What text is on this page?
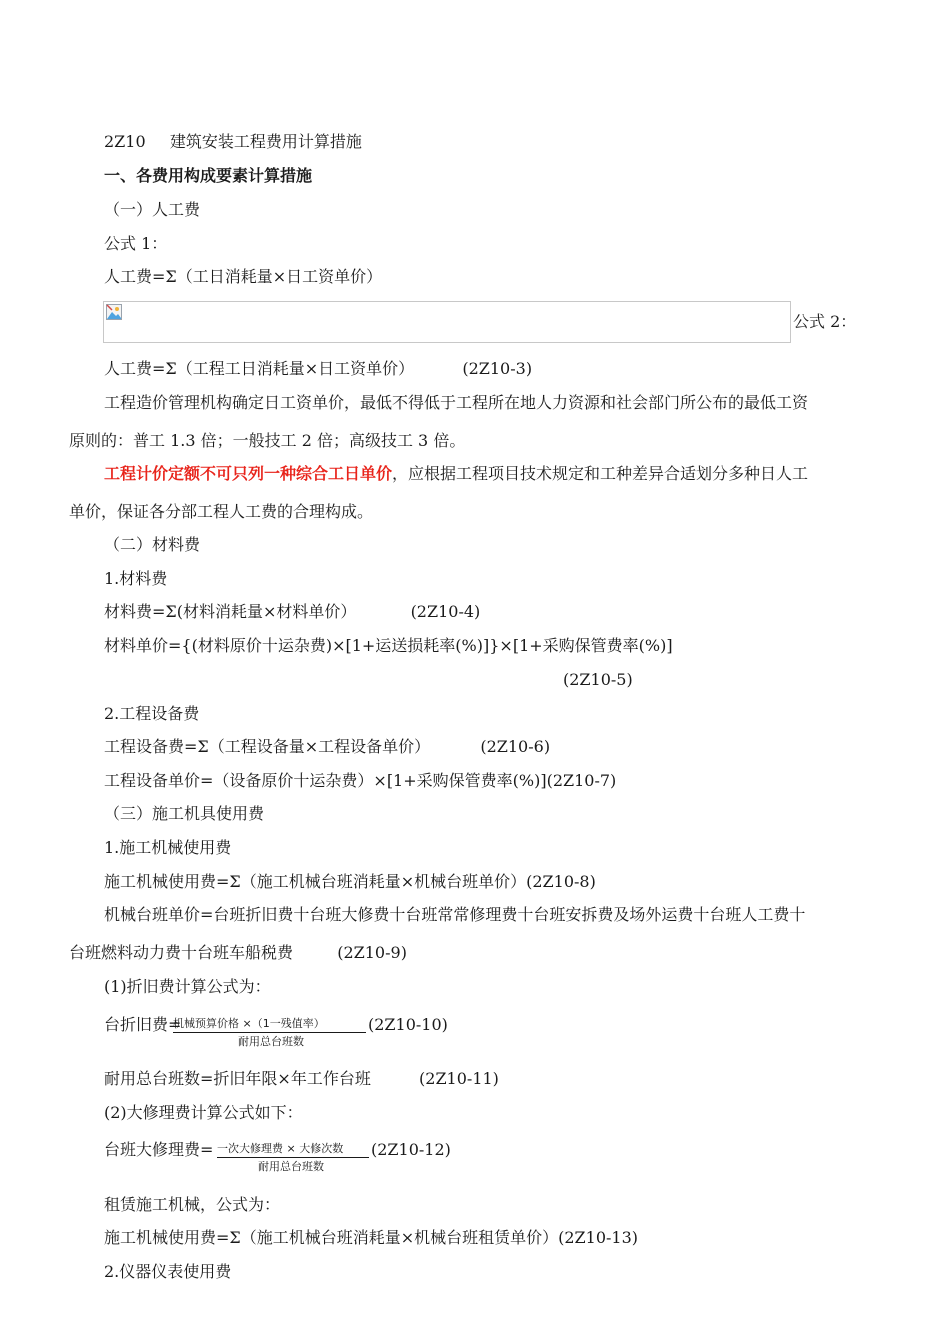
2Z10 建筑安装工程费用计算措施
一、各费用构成要素计算措施
（一）人工费
公式 1：
人工费=Σ（工日消耗量×日工资单价）
公式 2：
人工费=Σ（工程工日消耗量×日工资单价）	(2Z10-3)
工程造价管理机构确定日工资单价，最低不得低于工程所在地人力资源和社会部门所公布的最低工资
原则的：普工 1.3 倍；一般技工 2 倍；高级技工 3 倍。
工程计价定额不可只列一种综合工日单价，应根据工程项目技术规定和工种差异合适划分多种日人工
单价，保证各分部工程人工费的合理构成。
（二）材料费
1.材料费
材料费=Σ(材料消耗量×材料单价）	(2Z10-4)
材料单价={(材料原价十运杂费)×[1+运送损耗率(%)]}×[1+采购保管费率(%)]
(2Z10-5)
2.工程设备费
工程设备费=Σ（工程设备量×工程设备单价）	(2Z10-6)
工程设备单价=（设备原价十运杂费）×[1+采购保管费率(%)](2Z10-7)
（三）施工机具使用费
1.施工机械使用费
施工机械使用费=Σ（施工机械台班消耗量×机械台班单价）(2Z10-8)
机械台班单价=台班折旧费十台班大修费十台班常常修理费十台班安拆费及场外运费十台班人工费十
台班燃料动力费十台班车船税费	(2Z10-9)
(1)折旧费计算公式为：
台折旧费=
机械预算价格 ×（1一残值率）
耐用总台班数
(2Z10-10)
耐用总台班数=折旧年限×年工作台班	(2Z10-11)
(2)大修理费计算公式如下：
台班大修理费= 一次大修理费 × 大修次数
耐用总台班数
(2Z10-12)
租赁施工机械，公式为：
施工机械使用费=Σ（施工机械台班消耗量×机械台班租赁单价）(2Z10-13)
2.仪器仪表使用费
